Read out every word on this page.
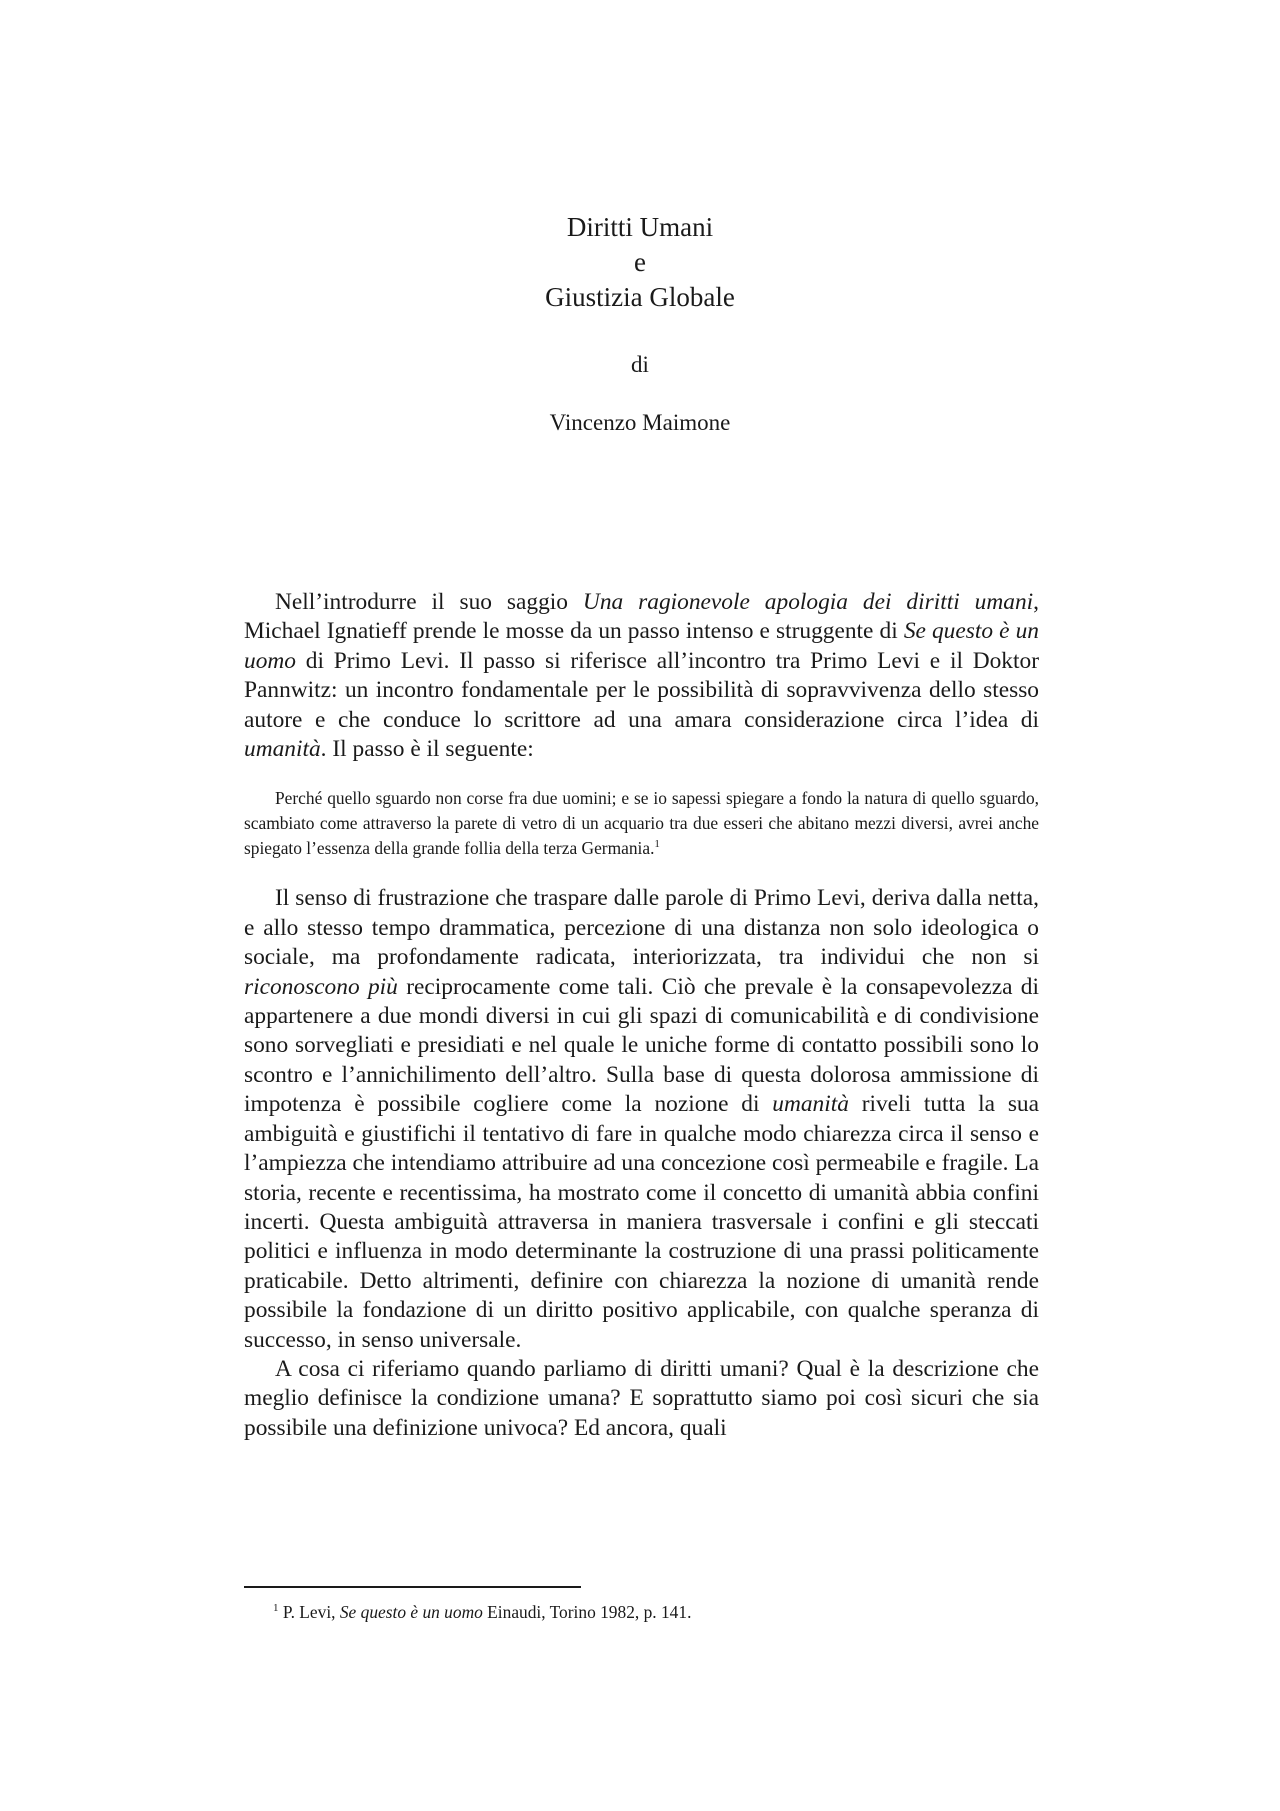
Diritti Umani
e
Giustizia Globale
di
Vincenzo Maimone

Nell’introdurre il suo saggio Una ragionevole apologia dei diritti umani, Michael Ignatieff prende le mosse da un passo intenso e struggente di Se questo è un uomo di Primo Levi. Il passo si riferisce all’incontro tra Primo Levi e il Doktor Pannwitz: un incontro fondamentale per le possibilità di sopravvivenza dello stesso autore e che conduce lo scrittore ad una amara considerazione circa l’idea di umanità. Il passo è il seguente:

Perché quello sguardo non corse fra due uomini; e se io sapessi spiegare a fondo la natura di quello sguardo, scambiato come attraverso la parete di vetro di un acquario tra due esseri che abitano mezzi diversi, avrei anche spiegato l’essenza della grande follia della terza Germania.$^1$

Il senso di frustrazione che traspare dalle parole di Primo Levi, deriva dalla netta, e allo stesso tempo drammatica, percezione di una distanza non solo ideologica o sociale, ma profondamente radicata, interiorizzata, tra individui che non si riconoscono più reciprocamente come tali. Ciò che prevale è la consapevolezza di appartenere a due mondi diversi in cui gli spazi di comunicabilità e di condivisione sono sorvegliati e presidiati e nel quale le uniche forme di contatto possibili sono lo scontro e l’annichilimento dell’altro. Sulla base di questa dolorosa ammissione di impotenza è possibile cogliere come la nozione di umanità riveli tutta la sua ambiguità e giustifichi il tentativo di fare in qualche modo chiarezza circa il senso e l’ampiezza che intendiamo attribuire ad una concezione così permeabile e fragile. La storia, recente e recentissima, ha mostrato come il concetto di umanità abbia confini incerti. Questa ambiguità attraversa in maniera trasversale i confini e gli steccati politici e influenza in modo determinante la costruzione di una prassi politicamente praticabile. Detto altrimenti, definire con chiarezza la nozione di umanità rende possibile la fondazione di un diritto positivo applicabile, con qualche speranza di successo, in senso universale.

A cosa ci riferiamo quando parliamo di diritti umani? Qual è la descrizione che meglio definisce la condizione umana? E soprattutto siamo poi così sicuri che sia possibile una definizione univoca? Ed ancora, quali

$^1$ P. Levi, Se questo è un uomo Einaudi, Torino 1982, p. 141.
